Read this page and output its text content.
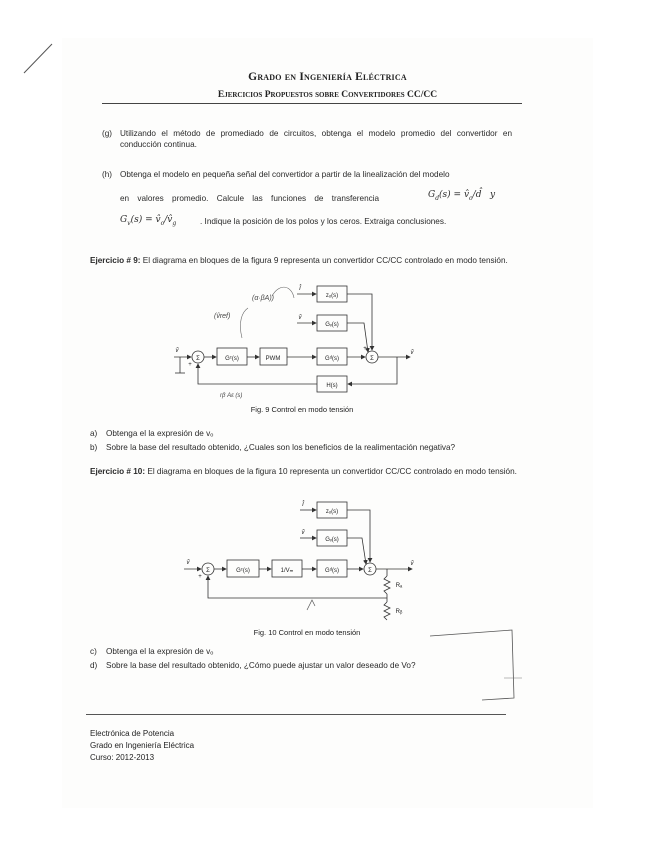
Grado en Ingeniería Eléctrica
Ejercicios Propuestos sobre Convertidores CC/CC
(g) Utilizando el método de promediado de circuitos, obtenga el modelo promedio del convertidor en conducción continua.
(h) Obtenga el modelo en pequeña señal del convertidor a partir de la linealización del modelo
en valores promedio. Calcule las funciones de transferencia	$G_d(s)$ = $v̂_o/d̂$   y
$G_v(s)$ = $v̂_o/v̂_g$	. Indique la posición de los polos y los ceros. Extraiga conclusiones.
Ejercicio # 9: El diagrama en bloques de la figura 9 representa un convertidor CC/CC controlado en modo tensión.
zₒ(s)
Gᵥ(s)
Gᶜ(s)	PWM	Gᵈ(s)
H(s)
Σ	Σ
v̂
Î
v̂
v̂
+
+
(α·βA))
(v̂ref)
rβ Aε (s)
Fig. 9 Control en modo tensión
a)	Obtenga el la expresión de vₒ
b)	Sobre la base del resultado obtenido, ¿Cuales son los beneficios de la realimentación negativa?
Ejercicio # 10: El diagrama en bloques de la figura 10 representa un convertidor CC/CC controlado en modo tensión.
zₒ(s)
Gᵥ(s)
Gᶜ(s)	1/Vₘ	Gᵈ(s)
Σ	Σ
v̂
Î
v̂
v̂
+
Rₐ
Rᵦ
Fig. 10 Control en modo tensión
c)	Obtenga el la expresión de vₒ
d)	Sobre la base del resultado obtenido, ¿Cómo puede ajustar un valor deseado de Vo?
Electrónica de Potencia
Grado en Ingeniería Eléctrica
Curso: 2012-2013
